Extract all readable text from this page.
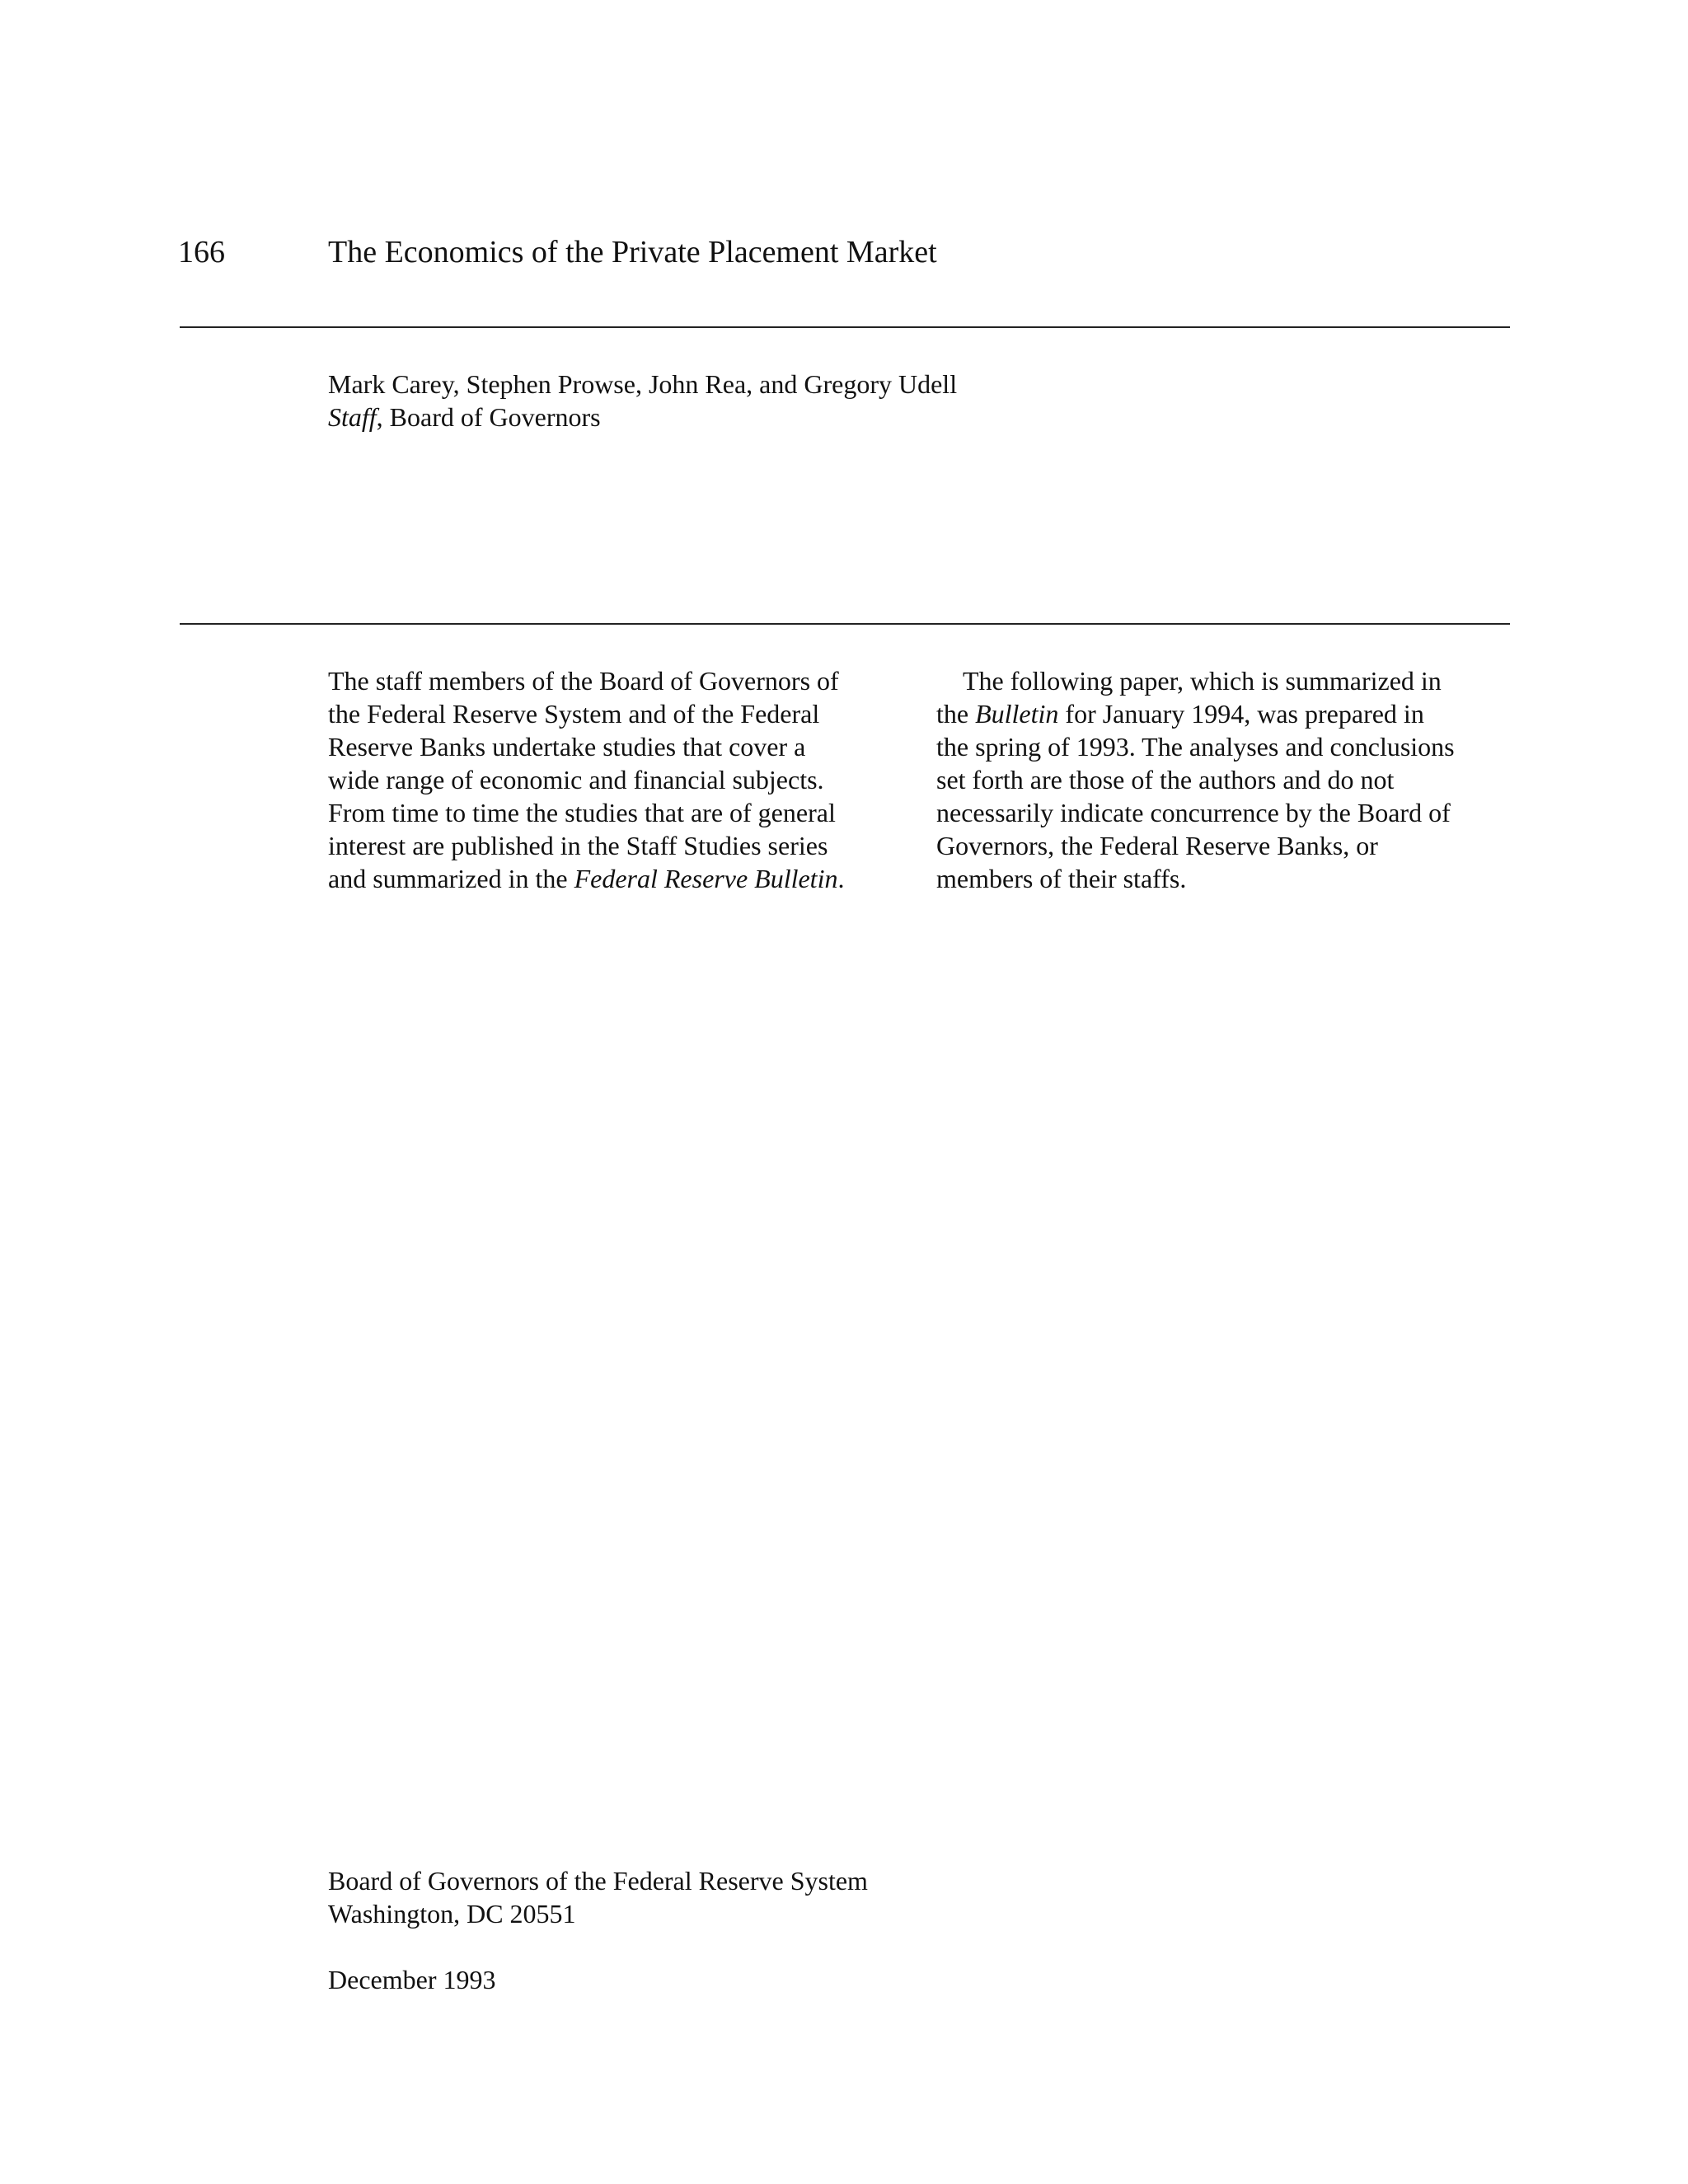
166	The Economics of the Private Placement Market
Mark Carey, Stephen Prowse, John Rea, and Gregory Udell
Staff, Board of Governors
The staff members of the Board of Governors of
the Federal Reserve System and of the Federal
Reserve Banks undertake studies that cover a
wide range of economic and financial subjects.
From time to time the studies that are of general
interest are published in the Staff Studies series
and summarized in the Federal Reserve Bulletin.
The following paper, which is summarized in
the Bulletin for January 1994, was prepared in
the spring of 1993. The analyses and conclusions
set forth are those of the authors and do not
necessarily indicate concurrence by the Board of
Governors, the Federal Reserve Banks, or
members of their staffs.
Board of Governors of the Federal Reserve System
Washington, DC 20551
December 1993
